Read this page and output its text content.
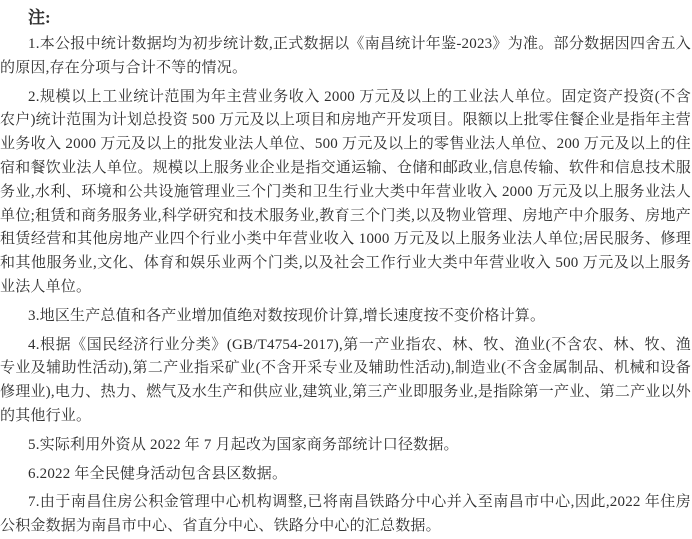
注:

1.本公报中统计数据均为初步统计数,正式数据以《南昌统计年鉴-2023》为准。部分数据因四舍五入的原因,存在分项与合计不等的情况。

2.规模以上工业统计范围为年主营业务收入 2000 万元及以上的工业法人单位。固定资产投资(不含农户)统计范围为计划总投资 500 万元及以上项目和房地产开发项目。限额以上批零住餐企业是指年主营业务收入 2000 万元及以上的批发业法人单位、500 万元及以上的零售业法人单位、200 万元及以上的住宿和餐饮业法人单位。规模以上服务业企业是指交通运输、仓储和邮政业,信息传输、软件和信息技术服务业,水利、环境和公共设施管理业三个门类和卫生行业大类中年营业收入 2000 万元及以上服务业法人单位;租赁和商务服务业,科学研究和技术服务业,教育三个门类,以及物业管理、房地产中介服务、房地产租赁经营和其他房地产业四个行业小类中年营业收入 1000 万元及以上服务业法人单位;居民服务、修理和其他服务业,文化、体育和娱乐业两个门类,以及社会工作行业大类中年营业收入 500 万元及以上服务业法人单位。

3.地区生产总值和各产业增加值绝对数按现价计算,增长速度按不变价格计算。

4.根据《国民经济行业分类》(GB/T4754-2017),第一产业指农、林、牧、渔业(不含农、林、牧、渔专业及辅助性活动),第二产业指采矿业(不含开采专业及辅助性活动),制造业(不含金属制品、机械和设备修理业),电力、热力、燃气及水生产和供应业,建筑业,第三产业即服务业,是指除第一产业、第二产业以外的其他行业。

5.实际利用外资从 2022 年 7 月起改为国家商务部统计口径数据。

6.2022 年全民健身活动包含县区数据。

7.由于南昌住房公积金管理中心机构调整,已将南昌铁路分中心并入至南昌市中心,因此,2022 年住房公积金数据为南昌市中心、省直分中心、铁路分中心的汇总数据。
